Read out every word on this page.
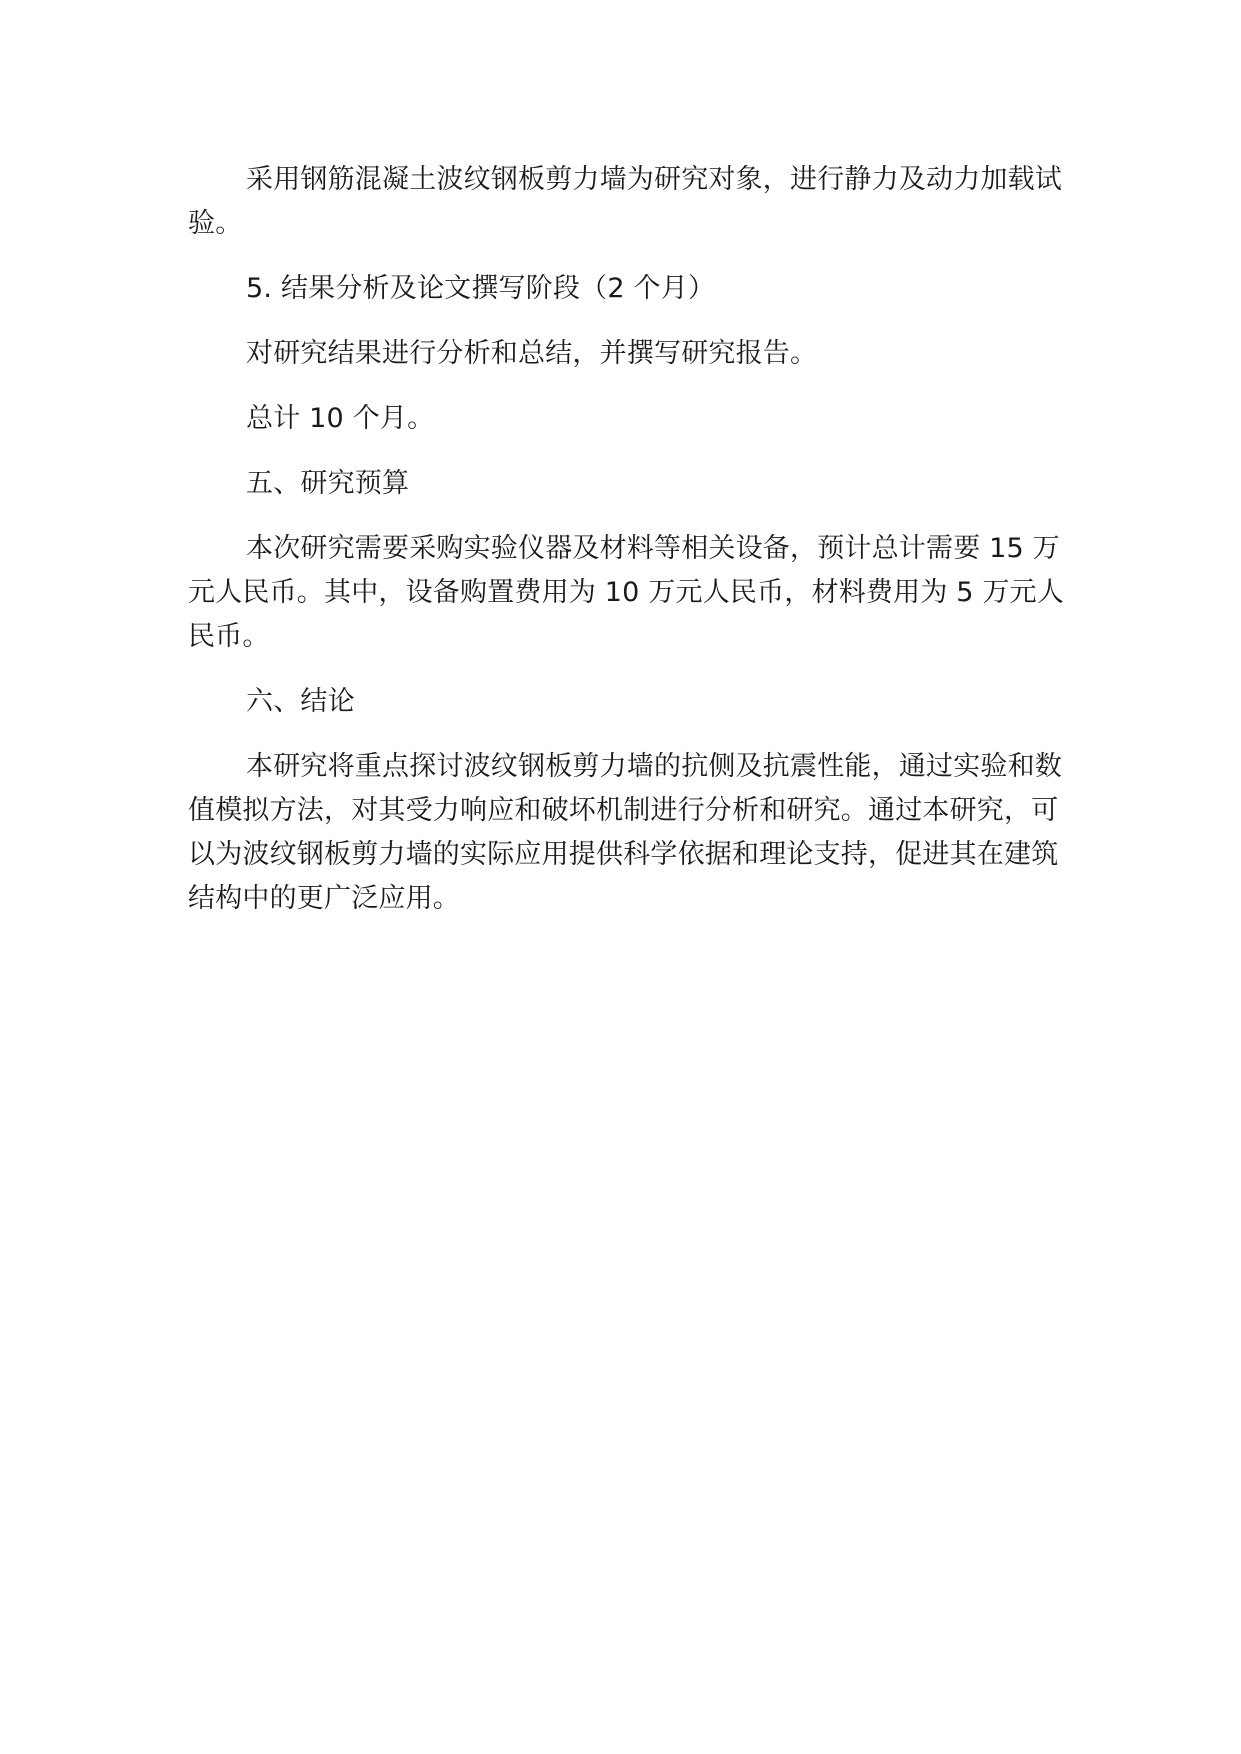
采用钢筋混凝土波纹钢板剪力墙为研究对象，进行静力及动力加载试验。

5. 结果分析及论文撰写阶段（2 个月）

对研究结果进行分析和总结，并撰写研究报告。

总计 10 个月。

五、研究预算

本次研究需要采购实验仪器及材料等相关设备，预计总计需要 15 万元人民币。其中，设备购置费用为 10 万元人民币，材料费用为 5 万元人民币。

六、结论

本研究将重点探讨波纹钢板剪力墙的抗侧及抗震性能，通过实验和数值模拟方法，对其受力响应和破坏机制进行分析和研究。通过本研究，可以为波纹钢板剪力墙的实际应用提供科学依据和理论支持，促进其在建筑结构中的更广泛应用。
